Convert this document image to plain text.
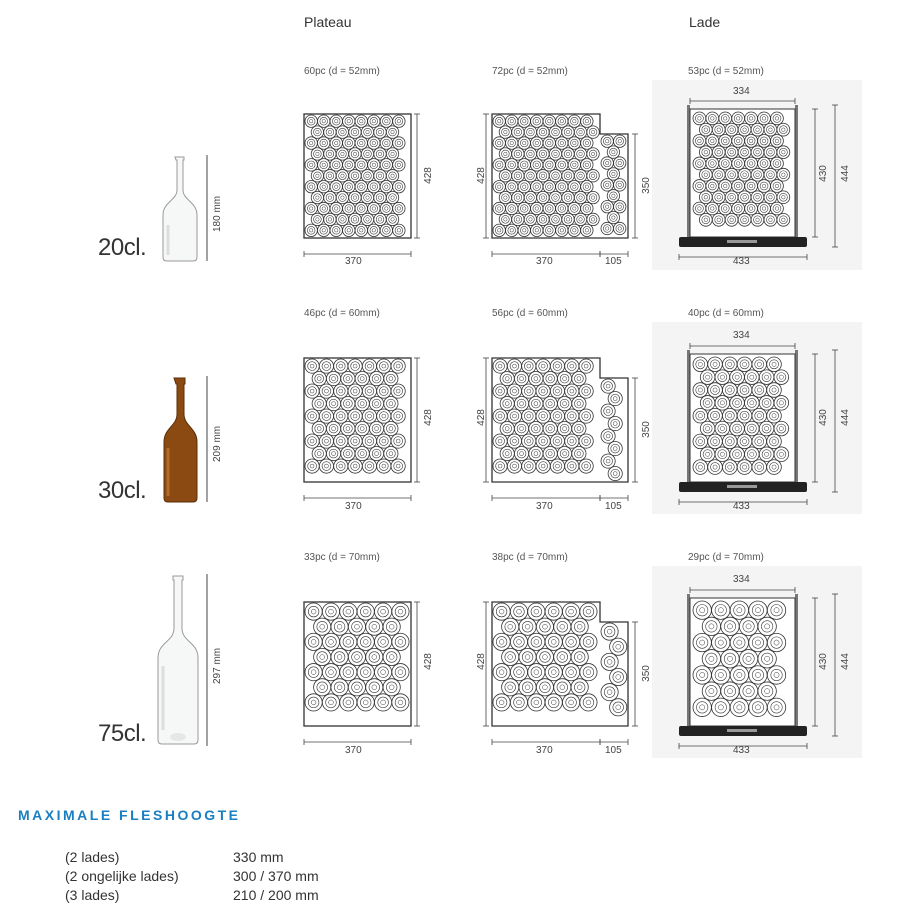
Plateau	Lade
180 mm
20cl.
60pc (d = 52mm)
370
428
72pc (d = 52mm)
428
350
370	105
53pc (d = 52mm)
334
433
430 444
209 mm
30cl.
46pc (d = 60mm)
370
428
56pc (d = 60mm)
428
350
370	105
40pc (d = 60mm)
334
433
430 444
297 mm
75cl.
33pc (d = 70mm)
370
428
38pc (d = 70mm)
428
350
370	105
29pc (d = 70mm)
334
433
430 444
MAXIMALE FLESHOOGTE
(2 lades)	330 mm
(2 ongelijke lades)	300 / 370 mm
(3 lades)	210 / 200 mm
